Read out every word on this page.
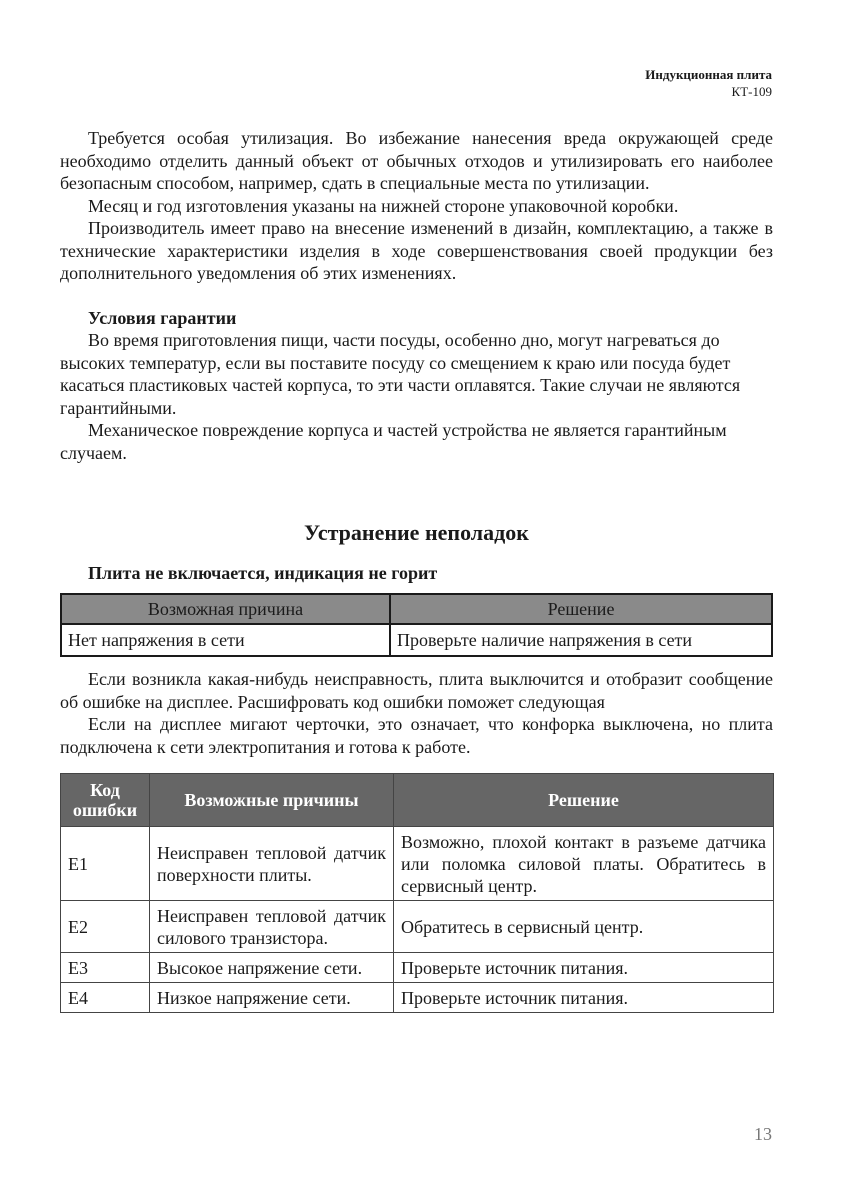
Индукционная плита
КТ-109

Требуется особая утилизация. Во избежание нанесения вреда окружающей среде необходимо отделить данный объект от обычных отходов и утилизировать его наиболее безопасным способом, например, сдать в специальные места по утилизации.

Месяц и год изготовления указаны на нижней стороне упаковочной коробки.

Производитель имеет право на внесение изменений в дизайн, комплектацию, а также в технические характеристики изделия в ходе совершенствования своей продукции без дополнительного уведомления об этих изменениях.

Условия гарантии

Во время приготовления пищи, части посуды, особенно дно, могут нагреваться до высоких температур, если вы поставите посуду со смещением к краю или посуда будет касаться пластиковых частей корпуса, то эти части оплавятся. Такие случаи не являются гарантийными.

Механическое повреждение корпуса и частей устройства не является гарантийным случаем.

Устранение неполадок
Плита не включается, индикация не горит
Возможная причина	Решение
Нет напряжения в сети	Проверьте наличие напряжения в сети

Если возникла какая-нибудь неисправность, плита выключится и отобразит сообщение об ошибке на дисплее. Расшифровать код ошибки поможет следующая

Если на дисплее мигают черточки, это означает, что конфорка выключена, но плита подключена к сети электропитания и готова к работе.

Код
ошибки	Возможные причины	Решение
E1	Неисправен тепловой датчик поверхности плиты.	Возможно, плохой контакт в разъеме датчика или поломка силовой платы. Обратитесь в сервисный центр.
E2	Неисправен тепловой датчик силового транзистора.	Обратитесь в сервисный центр.
E3	Высокое напряжение сети.	Проверьте источник питания.
E4	Низкое напряжение сети.	Проверьте источник питания.
13
